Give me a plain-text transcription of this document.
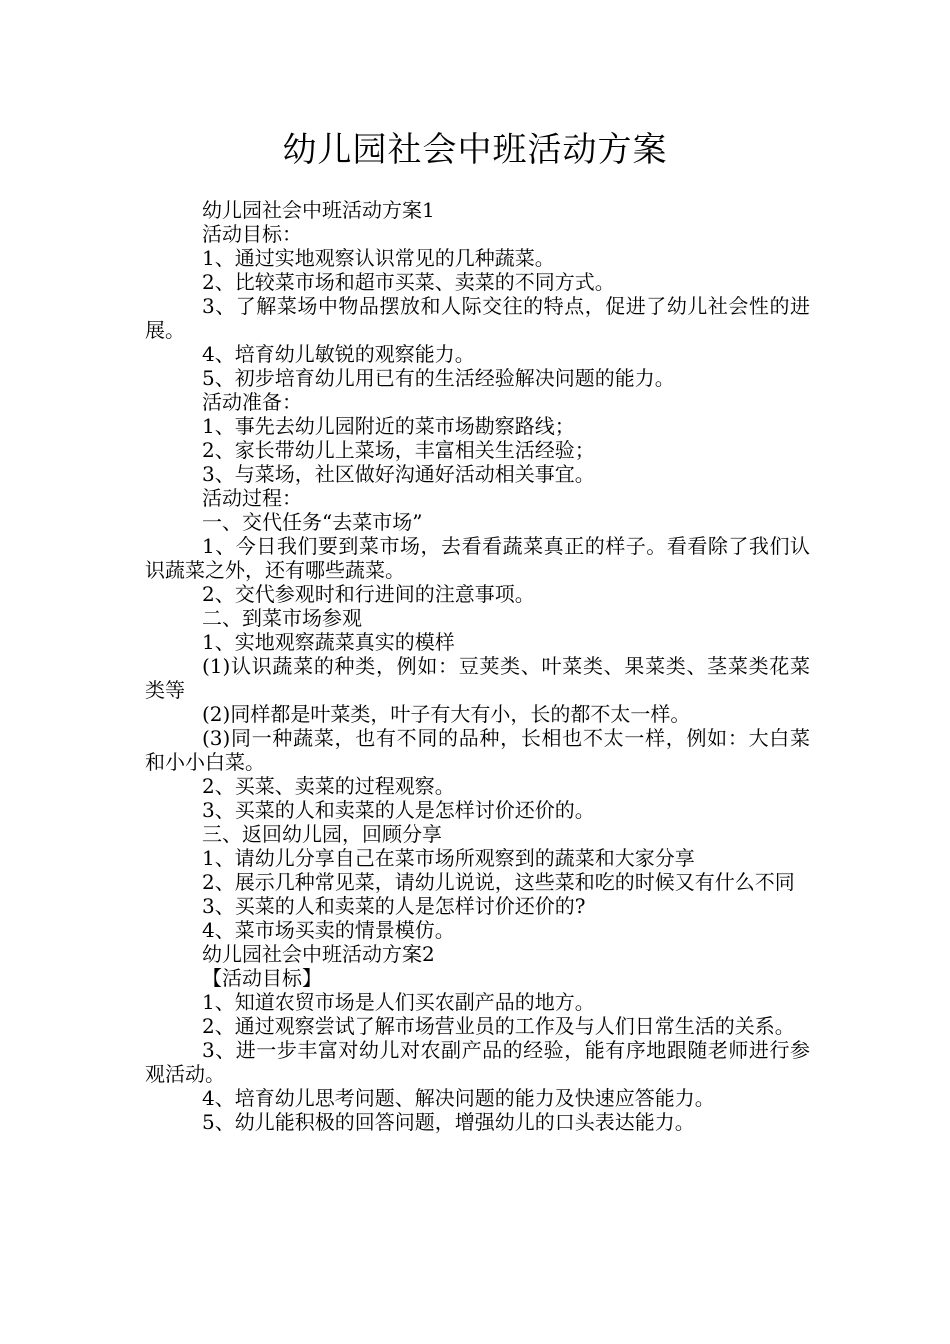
幼儿园社会中班活动方案

幼儿园社会中班活动方案1

活动目标：

1、通过实地观察认识常见的几种蔬菜。

2、比较菜市场和超市买菜、卖菜的不同方式。

3、了解菜场中物品摆放和人际交往的特点，促进了幼儿社会性的进展。

4、培育幼儿敏锐的观察能力。

5、初步培育幼儿用已有的生活经验解决问题的能力。

活动准备：

1、事先去幼儿园附近的菜市场勘察路线；

2、家长带幼儿上菜场，丰富相关生活经验；

3、与菜场，社区做好沟通好活动相关事宜。

活动过程：

一、交代任务“去菜市场”

1、今日我们要到菜市场，去看看蔬菜真正的样子。看看除了我们认识蔬菜之外，还有哪些蔬菜。

2、交代参观时和行进间的注意事项。

二、到菜市场参观

1、实地观察蔬菜真实的模样

(1)认识蔬菜的种类，例如：豆荚类、叶菜类、果菜类、茎菜类花菜类等

(2)同样都是叶菜类，叶子有大有小，长的都不太一样。

(3)同一种蔬菜，也有不同的品种，长相也不太一样，例如：大白菜和小小白菜。

2、买菜、卖菜的过程观察。

3、买菜的人和卖菜的人是怎样讨价还价的。

三、返回幼儿园，回顾分享

1、请幼儿分享自己在菜市场所观察到的蔬菜和大家分享

2、展示几种常见菜，请幼儿说说，这些菜和吃的时候又有什么不同

3、买菜的人和卖菜的人是怎样讨价还价的?

4、菜市场买卖的情景模仿。

幼儿园社会中班活动方案2

【活动目标】

1、知道农贸市场是人们买农副产品的地方。

2、通过观察尝试了解市场营业员的工作及与人们日常生活的关系。

3、进一步丰富对幼儿对农副产品的经验，能有序地跟随老师进行参观活动。

4、培育幼儿思考问题、解决问题的能力及快速应答能力。

5、幼儿能积极的回答问题，增强幼儿的口头表达能力。
